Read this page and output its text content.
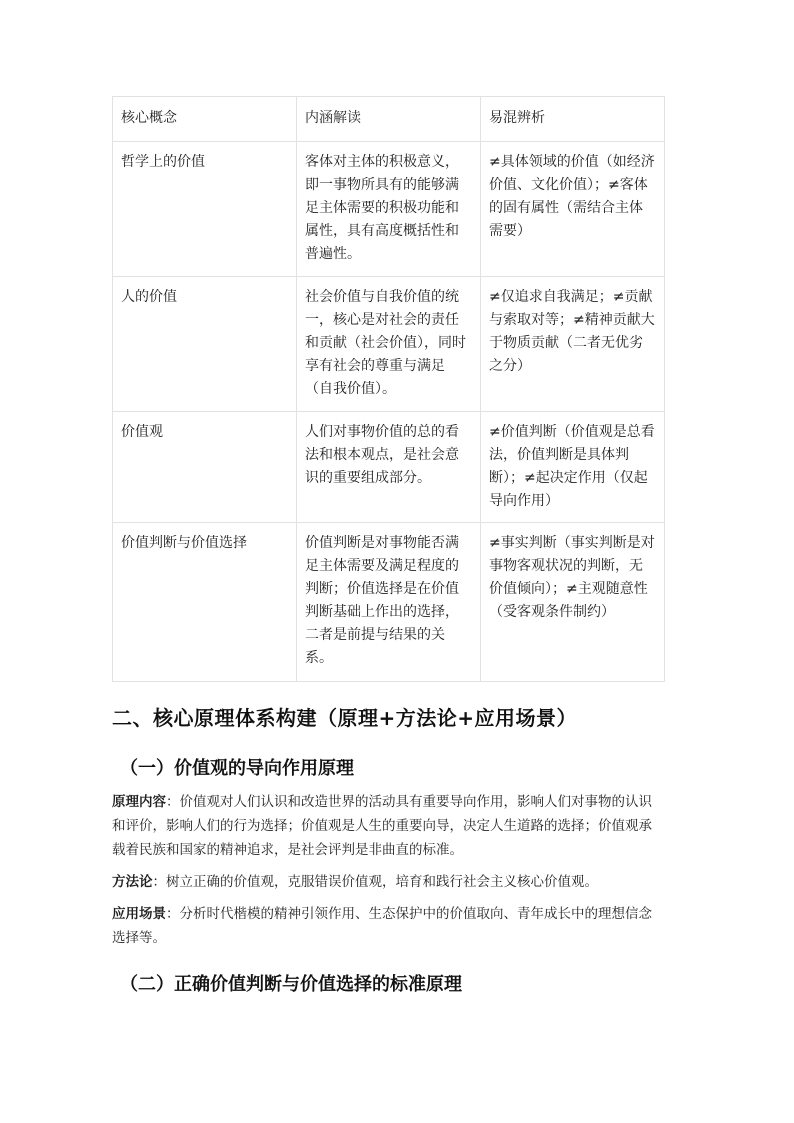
核心概念	内涵解读	易混辨析
哲学上的价值	客体对主体的积极意义，即一事物所具有的能够满足主体需要的积极功能和属性，具有高度概括性和普遍性。	≠具体领域的价值（如经济价值、文化价值）；≠客体的固有属性（需结合主体需要）
人的价值	社会价值与自我价值的统一，核心是对社会的责任和贡献（社会价值），同时享有社会的尊重与满足（自我价值）。	≠仅追求自我满足；≠贡献与索取对等；≠精神贡献大于物质贡献（二者无优劣之分）
价值观	人们对事物价值的总的看法和根本观点，是社会意识的重要组成部分。	≠价值判断（价值观是总看法，价值判断是具体判断）；≠起决定作用（仅起导向作用）
价值判断与价值选择	价值判断是对事物能否满足主体需要及满足程度的判断；价值选择是在价值判断基础上作出的选择，二者是前提与结果的关系。	≠事实判断（事实判断是对事物客观状况的判断，无价值倾向）；≠主观随意性（受客观条件制约）
二、核心原理体系构建（原理+方法论+应用场景）
（一）价值观的导向作用原理

原理内容：价值观对人们认识和改造世界的活动具有重要导向作用，影响人们对事物的认识和评价，影响人们的行为选择；价值观是人生的重要向导，决定人生道路的选择；价值观承载着民族和国家的精神追求，是社会评判是非曲直的标准。

方法论：树立正确的价值观，克服错误价值观，培育和践行社会主义核心价值观。

应用场景：分析时代楷模的精神引领作用、生态保护中的价值取向、青年成长中的理想信念选择等。

（二）正确价值判断与价值选择的标准原理
